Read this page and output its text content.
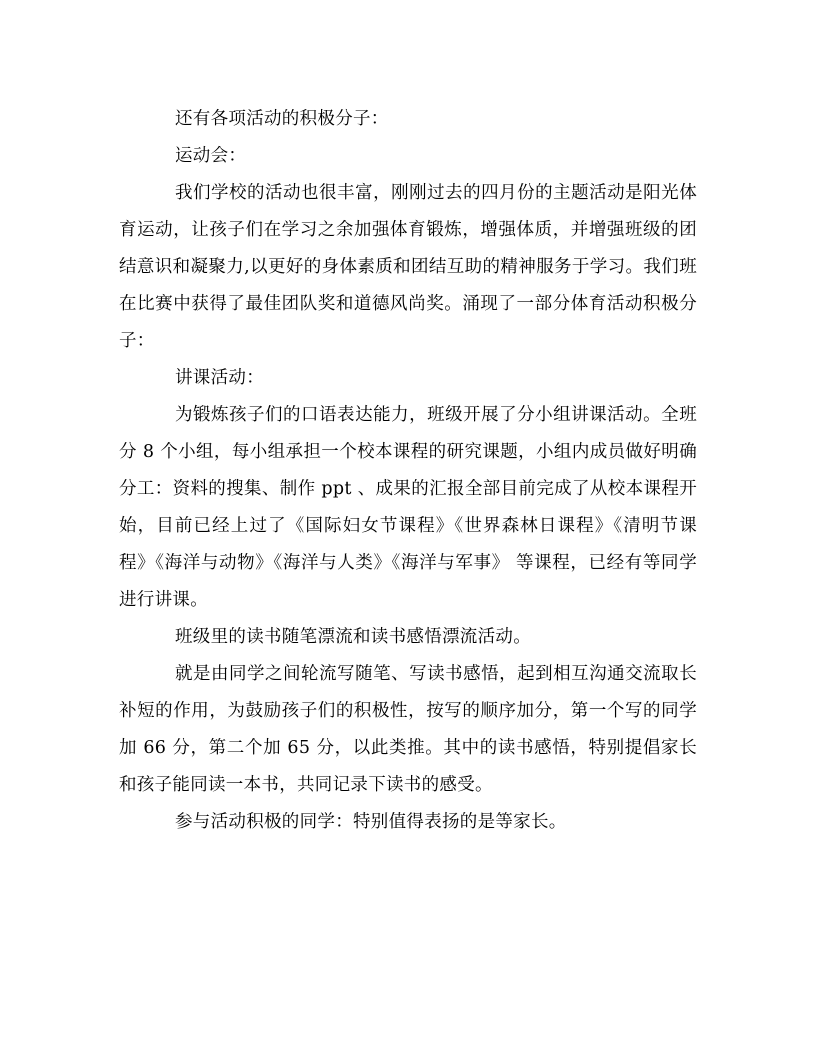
还有各项活动的积极分子：

运动会：

我们学校的活动也很丰富，刚刚过去的四月份的主题活动是阳光体育运动，让孩子们在学习之余加强体育锻炼，增强体质，并增强班级的团结意识和凝聚力,以更好的身体素质和团结互助的精神服务于学习。我们班在比赛中获得了最佳团队奖和道德风尚奖。涌现了一部分体育活动积极分子：

讲课活动：

为锻炼孩子们的口语表达能力，班级开展了分小组讲课活动。全班分 8 个小组，每小组承担一个校本课程的研究课题，小组内成员做好明确分工：资料的搜集、制作 ppt 、成果的汇报全部目前完成了从校本课程开始，目前已经上过了《国际妇女节课程》《世界森林日课程》《清明节课程》《海洋与动物》《海洋与人类》《海洋与军事》 等课程，已经有等同学进行讲课。

班级里的读书随笔漂流和读书感悟漂流活动。

就是由同学之间轮流写随笔、写读书感悟，起到相互沟通交流取长补短的作用，为鼓励孩子们的积极性，按写的顺序加分，第一个写的同学加 66 分，第二个加 65 分，以此类推。其中的读书感悟，特别提倡家长和孩子能同读一本书，共同记录下读书的感受。

参与活动积极的同学：特别值得表扬的是等家长。
